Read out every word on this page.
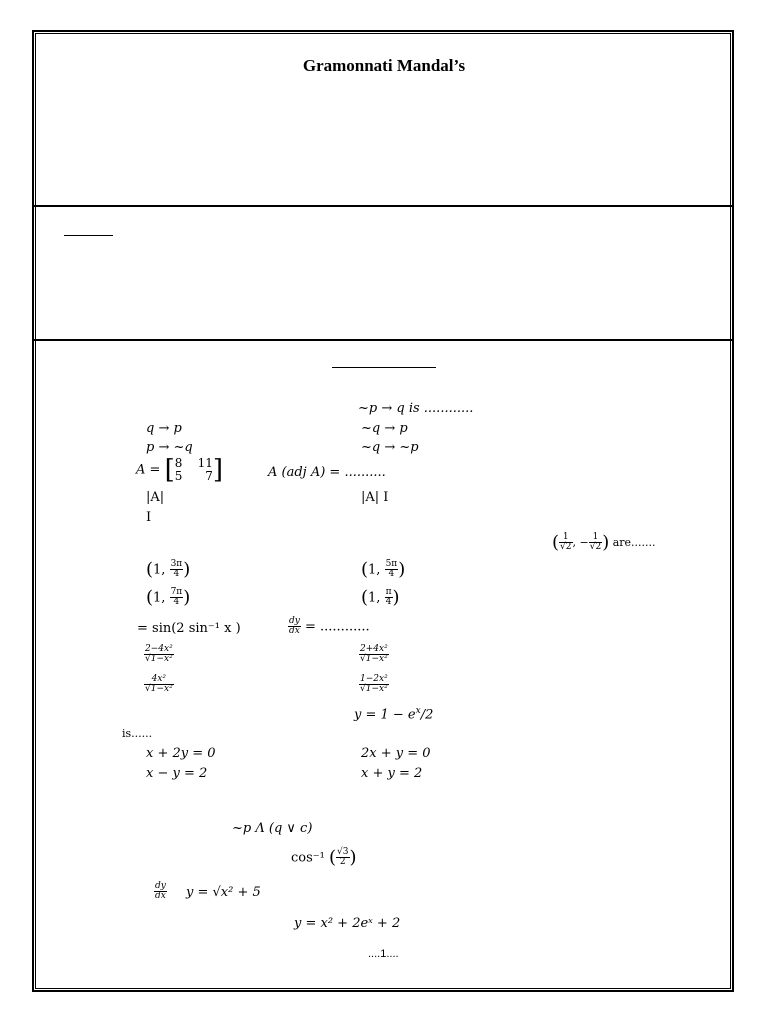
Gramonnati Mandal’s
~p → q is ............
q → p	~q → p
p → ~q	~q → ~p
A = [8 11
5 7]	A (adj A) = ..........
|A|	|A| I
I
( $\frac{1}{√2}$ , − $\frac{1}{√2}$ ) are.......
(1, $\frac{3\pi}{4}$ )	(1, $\frac{5\pi}{4}$ )
(1, $\frac{7\pi}{4}$ )	(1, $\frac{\pi}{4}$ )
= sin(2 sin⁻¹ x )	$\frac{dy}{dx}$ = ............
$\frac{\text{2−4x²}}{\text{√1−x²}}$	$\frac{\text{2+4x²}}{\text{√1−x²}}$
$\frac{\text{4x²}}{\text{√1−x²}}$	$\frac{\text{1−2x²}}{\text{√1−x²}}$
$y = 1 - e^x/2$
is......
x + 2y = 0	2x + y = 0
x − y = 2	x + y = 2
~p Λ (q ∨ c)
cos⁻¹ ( $\frac{√3}{2}$ )
$\frac{dy}{dx}$ y = √x² + 5
y = x² + 2eˣ + 2
....1....
